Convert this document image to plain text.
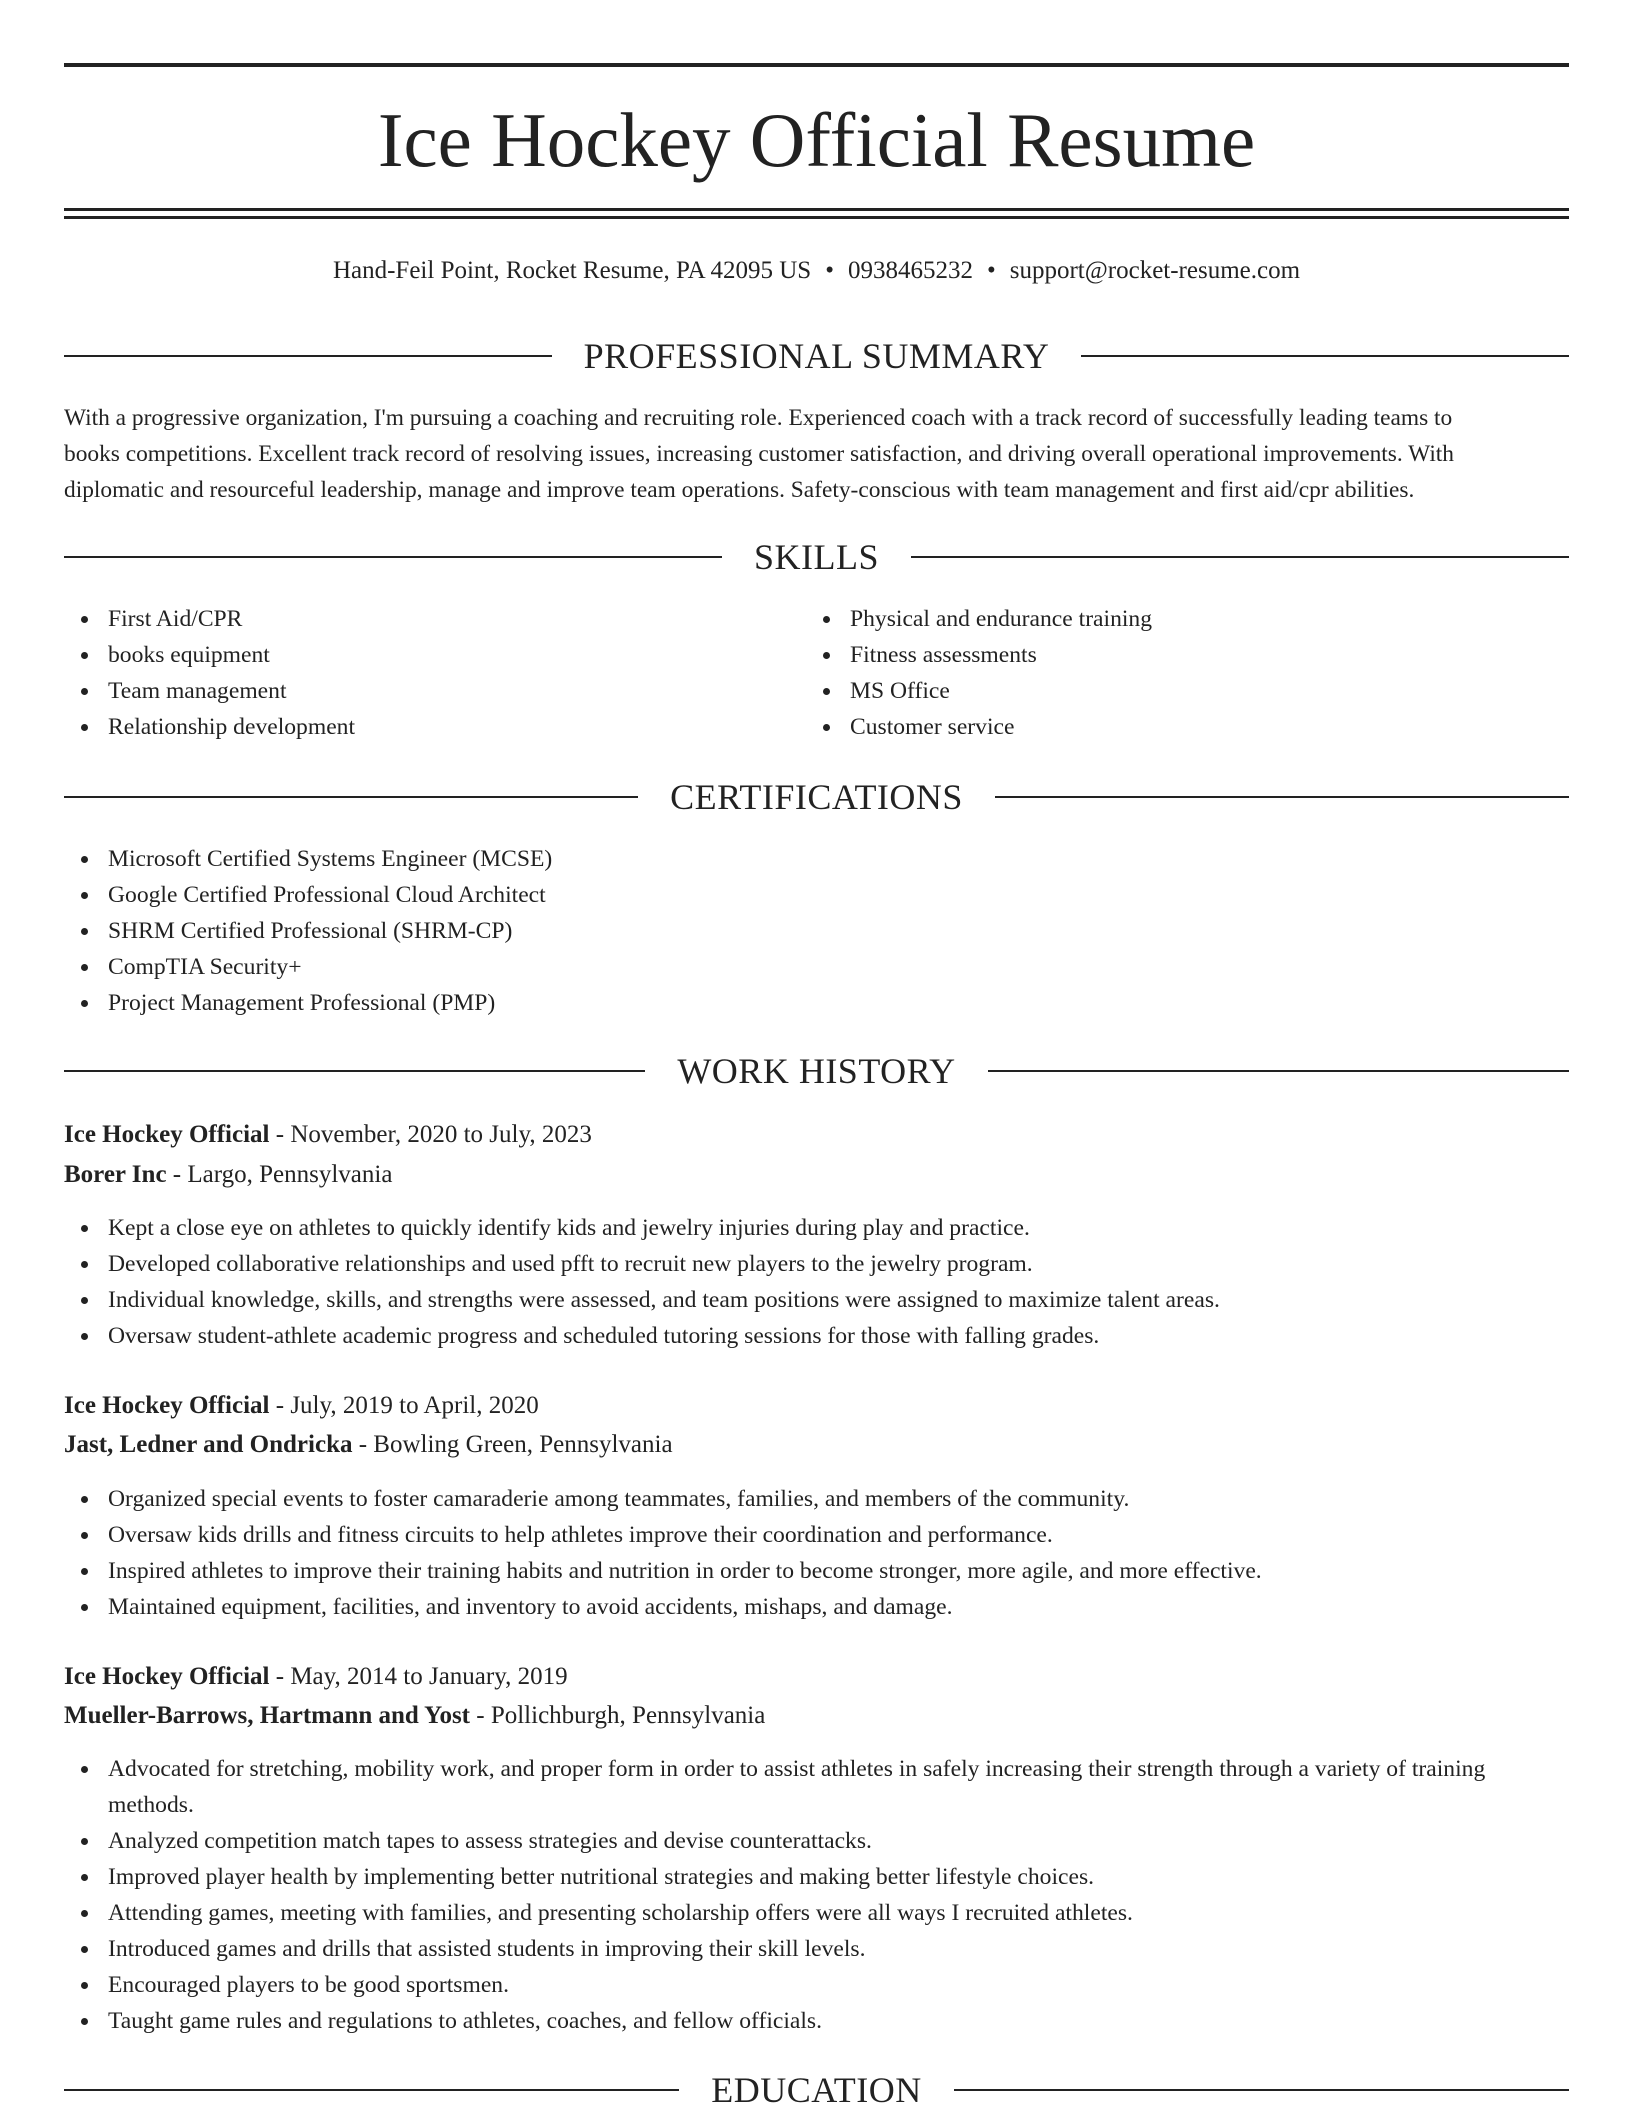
Ice Hockey Official Resume
Hand-Feil Point, Rocket Resume, PA 42095 US • 0938465232 • support@rocket-resume.com
PROFESSIONAL SUMMARY
With a progressive organization, I'm pursuing a coaching and recruiting role. Experienced coach with a track record of successfully leading teams to
books competitions. Excellent track record of resolving issues, increasing customer satisfaction, and driving overall operational improvements. With
diplomatic and resourceful leadership, manage and improve team operations. Safety-conscious with team management and first aid/cpr abilities.
SKILLS
First Aid/CPR
books equipment
Team management
Relationship development
Physical and endurance training
Fitness assessments
MS Office
Customer service
CERTIFICATIONS
Microsoft Certified Systems Engineer (MCSE)
Google Certified Professional Cloud Architect
SHRM Certified Professional (SHRM-CP)
CompTIA Security+
Project Management Professional (PMP)
WORK HISTORY
Ice Hockey Official - November, 2020 to July, 2023
Borer Inc - Largo, Pennsylvania
Kept a close eye on athletes to quickly identify kids and jewelry injuries during play and practice.
Developed collaborative relationships and used pfft to recruit new players to the jewelry program.
Individual knowledge, skills, and strengths were assessed, and team positions were assigned to maximize talent areas.
Oversaw student-athlete academic progress and scheduled tutoring sessions for those with falling grades.
Ice Hockey Official - July, 2019 to April, 2020
Jast, Ledner and Ondricka - Bowling Green, Pennsylvania
Organized special events to foster camaraderie among teammates, families, and members of the community.
Oversaw kids drills and fitness circuits to help athletes improve their coordination and performance.
Inspired athletes to improve their training habits and nutrition in order to become stronger, more agile, and more effective.
Maintained equipment, facilities, and inventory to avoid accidents, mishaps, and damage.
Ice Hockey Official - May, 2014 to January, 2019
Mueller-Barrows, Hartmann and Yost - Pollichburgh, Pennsylvania
Advocated for stretching, mobility work, and proper form in order to assist athletes in safely increasing their strength through a variety of training
methods.
Analyzed competition match tapes to assess strategies and devise counterattacks.
Improved player health by implementing better nutritional strategies and making better lifestyle choices.
Attending games, meeting with families, and presenting scholarship offers were all ways I recruited athletes.
Introduced games and drills that assisted students in improving their skill levels.
Encouraged players to be good sportsmen.
Taught game rules and regulations to athletes, coaches, and fellow officials.
EDUCATION
